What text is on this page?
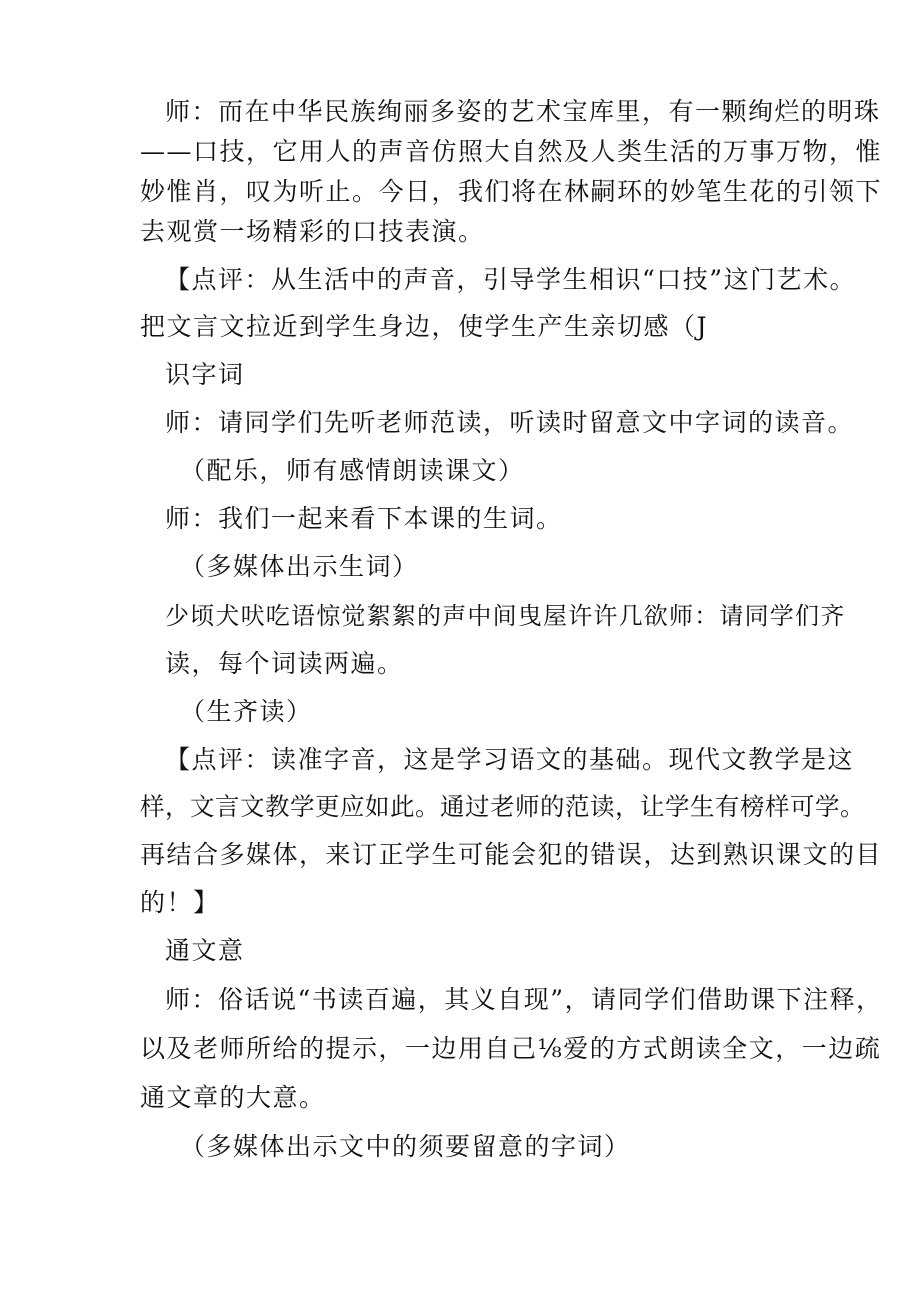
师：而在中华民族绚丽多姿的艺术宝库里，有一颗绚烂的明珠
——口技，它用人的声音仿照大自然及人类生活的万事万物，惟
妙惟肖，叹为听止。今日，我们将在林嗣环的妙笔生花的引领下
去观赏一场精彩的口技表演。
【点评：从生活中的声音，引导学生相识“口技”这门艺术。
把文言文拉近到学生身边，使学生产生亲切感（J
识字词
师：请同学们先听老师范读，听读时留意文中字词的读音。
（配乐，师有感情朗读课文）
师：我们一起来看下本课的生词。
（多媒体出示生词）
少顷犬吠吃语惊觉絮絮的声中间曳屋许许几欲师：请同学们齐
读，每个词读两遍。
（生齐读）
【点评：读准字音，这是学习语文的基础。现代文教学是这
样，文言文教学更应如此。通过老师的范读，让学生有榜样可学。
再结合多媒体，来订正学生可能会犯的错误，达到熟识课文的目
的！】
通文意
师：俗话说“书读百遍，其义自现”，请同学们借助课下注释，
以及老师所给的提示，一边用自己⅛爱的方式朗读全文，一边疏
通文章的大意。
（多媒体出示文中的须要留意的字词）
